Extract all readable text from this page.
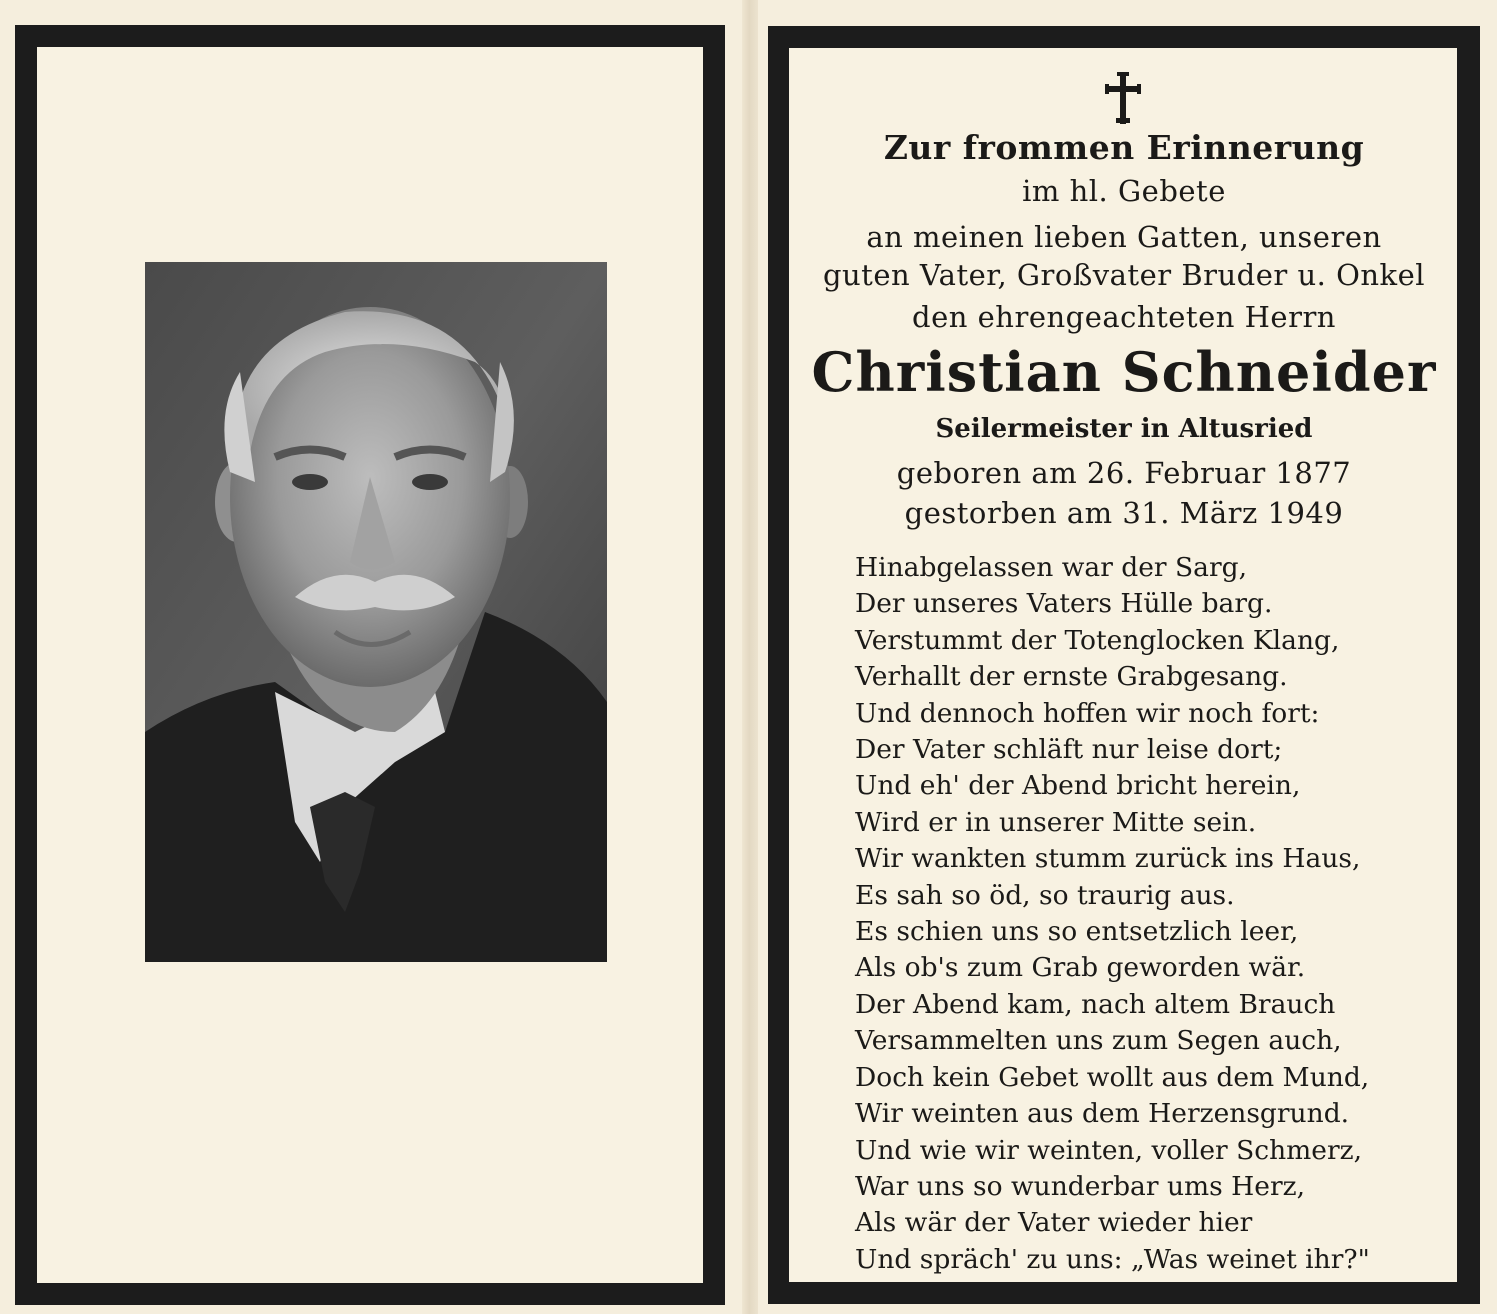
Zur frommen Erinnerung
im hl. Gebete
an meinen lieben Gatten, unseren
guten Vater, Großvater Bruder u. Onkel
den ehrengeachteten Herrn
Christian Schneider
Seilermeister in Altusried
geboren am 26. Februar 1877
gestorben am 31. März 1949
Hinabgelassen war der Sarg,
Der unseres Vaters Hülle barg.
Verstummt der Totenglocken Klang,
Verhallt der ernste Grabgesang.
Und dennoch hoffen wir noch fort:
Der Vater schläft nur leise dort;
Und eh' der Abend bricht herein,
Wird er in unserer Mitte sein.
Wir wankten stumm zurück ins Haus,
Es sah so öd, so traurig aus.
Es schien uns so entsetzlich leer,
Als ob's zum Grab geworden wär.
Der Abend kam, nach altem Brauch
Versammelten uns zum Segen auch,
Doch kein Gebet wollt aus dem Mund,
Wir weinten aus dem Herzensgrund.
Und wie wir weinten, voller Schmerz,
War uns so wunderbar ums Herz,
Als wär der Vater wieder hier
Und spräch' zu uns: „Was weinet ihr?"
